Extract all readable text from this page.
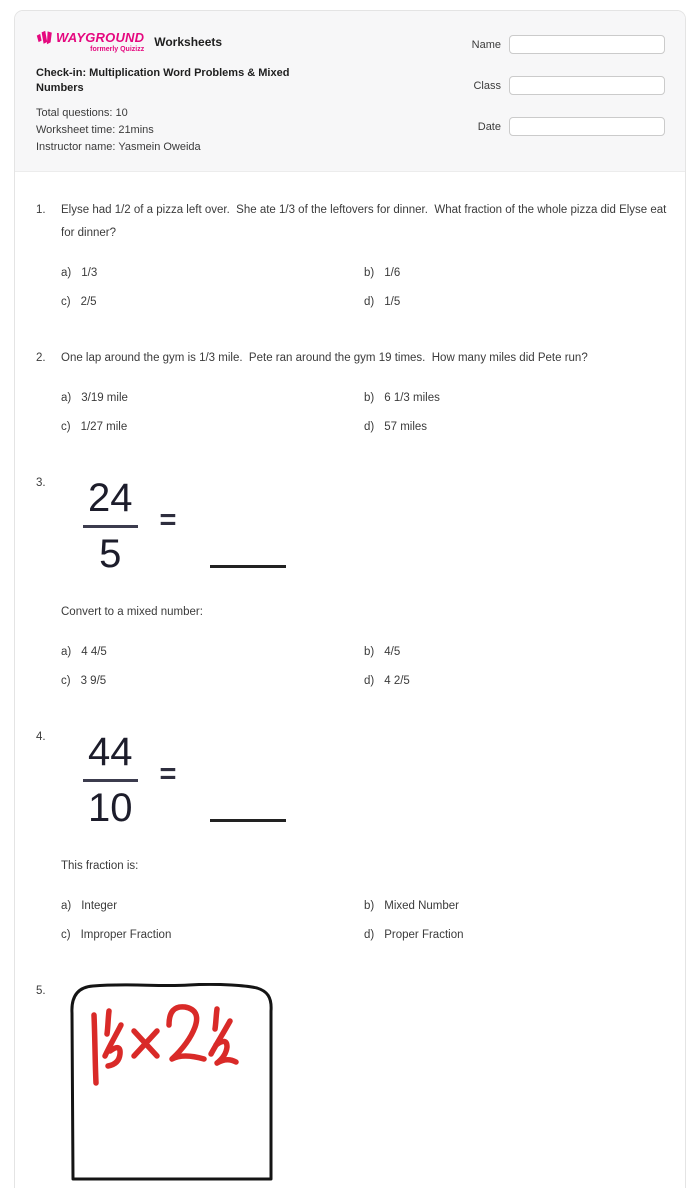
WAYGROUND
formerly Quizizz
Worksheets
Check-in: Multiplication Word Problems & Mixed Numbers
Total questions: 10
Worksheet time: 21mins
Instructor name: Yasmein Oweida
Name
Class
Date
1.	Elyse had 1/2 of a pizza left over.  She ate 1/3 of the leftovers for dinner.  What fraction of the whole pizza did Elyse eat for dinner?
a) 1/3	b) 1/6
c) 2/5	d) 1/5
2.	One lap around the gym is 1/3 mile.  Pete ran around the gym 19 times.  How many miles did Pete run?
a) 3/19 mile	b) 6 1/3 miles
c) 1/27 mile	d) 57 miles
3. $\frac{24}{5}$ =
Convert to a mixed number:
a) 4 4/5	b) 4/5
c) 3 9/5	d) 4 2/5
4. $\frac{44}{10}$ =
This fraction is:
a) Integer	b) Mixed Number
c) Improper Fraction	d) Proper Fraction
5.
